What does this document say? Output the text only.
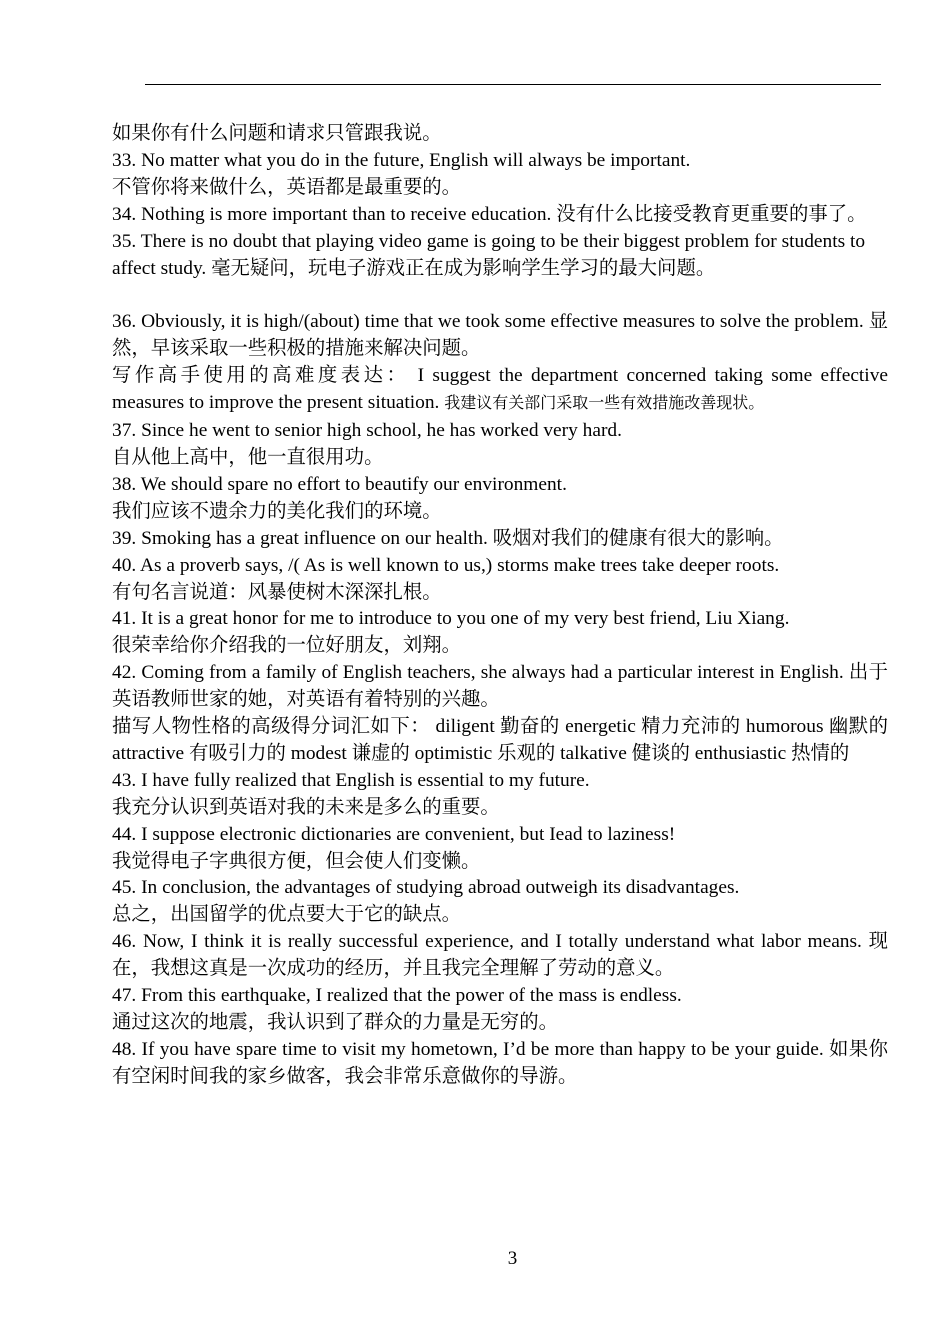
如果你有什么问题和请求只管跟我说。

33. No matter what you do in the future, English will always be important.

不管你将来做什么，英语都是最重要的。

34. Nothing is more important than to receive education. 没有什么比接受教育更重要的事了。

35. There is no doubt that playing video game is going to be their biggest problem for students to affect study. 毫无疑问，玩电子游戏正在成为影响学生学习的最大问题。

36. Obviously, it is high/(about) time that we took some effective measures to solve the problem. 显然，早该采取一些积极的措施来解决问题。

写作高手使用的高难度表达： I suggest the department concerned taking some effective measures to improve the present situation. 我建议有关部门采取一些有效措施改善现状。

37. Since he went to senior high school, he has worked very hard.

自从他上高中，他一直很用功。

38. We should spare no effort to beautify our environment.

我们应该不遗余力的美化我们的环境。

39. Smoking has a great influence on our health. 吸烟对我们的健康有很大的影响。

40. As a proverb says, /( As is well known to us,) storms make trees take deeper roots.

有句名言说道：风暴使树木深深扎根。

41. It is a great honor for me to introduce to you one of my very best friend, Liu Xiang.

很荣幸给你介绍我的一位好朋友，刘翔。

42. Coming from a family of English teachers, she always had a particular interest in English. 出于英语教师世家的她，对英语有着特别的兴趣。

描写人物性格的高级得分词汇如下： diligent 勤奋的 energetic 精力充沛的 humorous 幽默的 attractive 有吸引力的 modest 谦虚的 optimistic 乐观的 talkative 健谈的 enthusiastic 热情的

43. I have fully realized that English is essential to my future.

我充分认识到英语对我的未来是多么的重要。

44. I suppose electronic dictionaries are convenient, but Iead to laziness!

我觉得电子字典很方便，但会使人们变懒。

45. In conclusion, the advantages of studying abroad outweigh its disadvantages.

总之，出国留学的优点要大于它的缺点。

46. Now, I think it is really successful experience, and I totally understand what labor means. 现在，我想这真是一次成功的经历，并且我完全理解了劳动的意义。

47. From this earthquake, I realized that the power of the mass is endless.

通过这次的地震，我认识到了群众的力量是无穷的。

48. If you have spare time to visit my hometown, I’d be more than happy to be your guide. 如果你有空闲时间我的家乡做客，我会非常乐意做你的导游。

3
